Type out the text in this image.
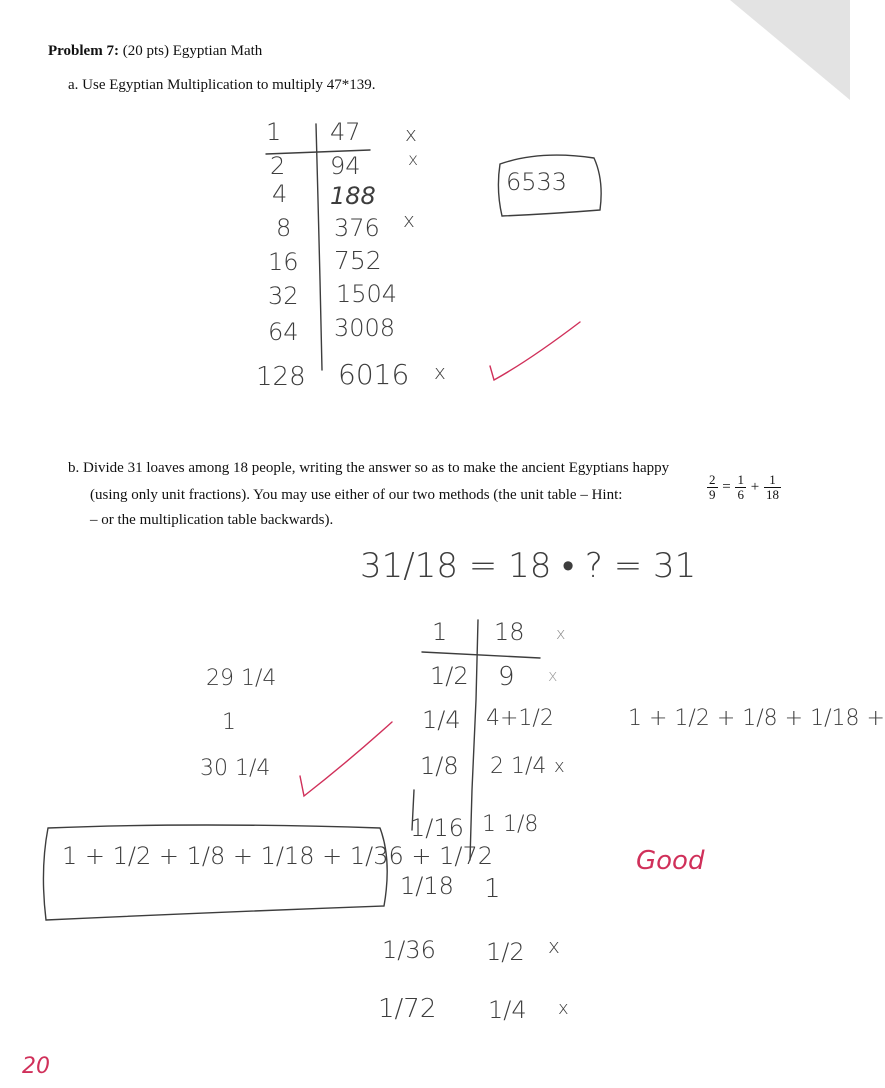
Problem 7: (20 pts) Egyptian Math
a. Use Egyptian Multiplication to multiply 47*139.
b. Divide 31 loaves among 18 people, writing the answer so as to make the ancient Egyptians happy
(using only unit fractions). You may use either of our two methods (the unit table – Hint:	$\frac{2}{9} = \frac{1}{6} + \frac{1}{18}$
– or the multiplication table backwards).
1 47 x
2 94	x
4 188
8 376 x
16 752
32 1504
64 3008
128 6016 x
6533
31/18 = 18 • ? = 31
1 18 x
1/2 9 x
1/4 4+1/2
1/8 2 1/4 x
1/16 1 1/8
1/18 1
1/36 1/2 x
1/72 1/4 x
29 1/4
1
30 1/4
1 + 1/2 + 1/8 + 1/18 +
1 + 1/2 + 1/8 + 1/18 + 1/36 + 1/72	Good
20
